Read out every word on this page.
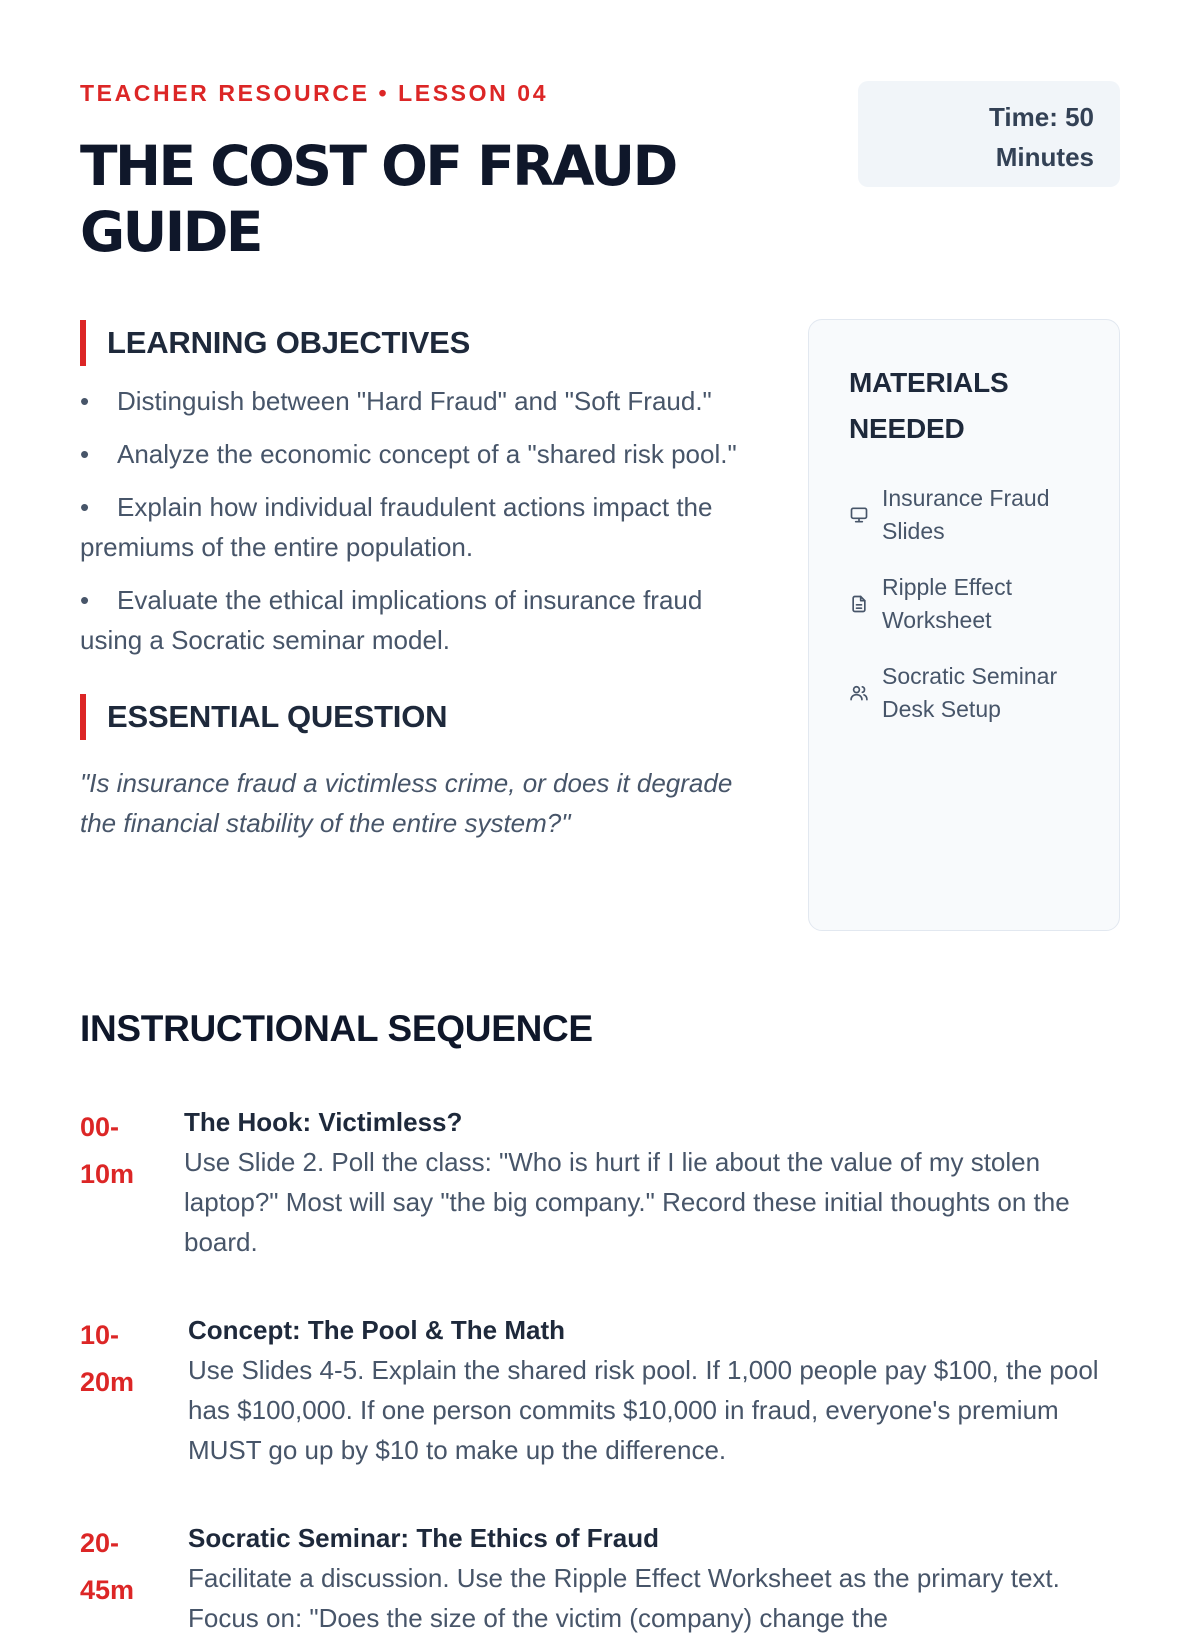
TEACHER RESOURCE • LESSON 04
THE COST OF FRAUD
GUIDE
Time: 50
Minutes
LEARNING OBJECTIVES
• Distinguish between "Hard Fraud" and "Soft Fraud."
• Analyze the economic concept of a "shared risk pool."
• Explain how individual fraudulent actions impact the premiums of the entire population.
• Evaluate the ethical implications of insurance fraud using a Socratic seminar model.
ESSENTIAL QUESTION

"Is insurance fraud a victimless crime, or does it degrade the financial stability of the entire system?"

MATERIALS NEEDED
Insurance Fraud Slides
Ripple Effect Worksheet
Socratic Seminar Desk Setup
INSTRUCTIONAL SEQUENCE
00-10m
The Hook: Victimless?
Use Slide 2. Poll the class: "Who is hurt if I lie about the value of my stolen laptop?" Most will say "the big company." Record these initial thoughts on the board.
10-20m
Concept: The Pool & The Math
Use Slides 4-5. Explain the shared risk pool. If 1,000 people pay $100, the pool has $100,000. If one person commits $10,000 in fraud, everyone's premium MUST go up by $10 to make up the difference.
20-45m
Socratic Seminar: The Ethics of Fraud
Facilitate a discussion. Use the Ripple Effect Worksheet as the primary text. Focus on: "Does the size of the victim (company) change the
